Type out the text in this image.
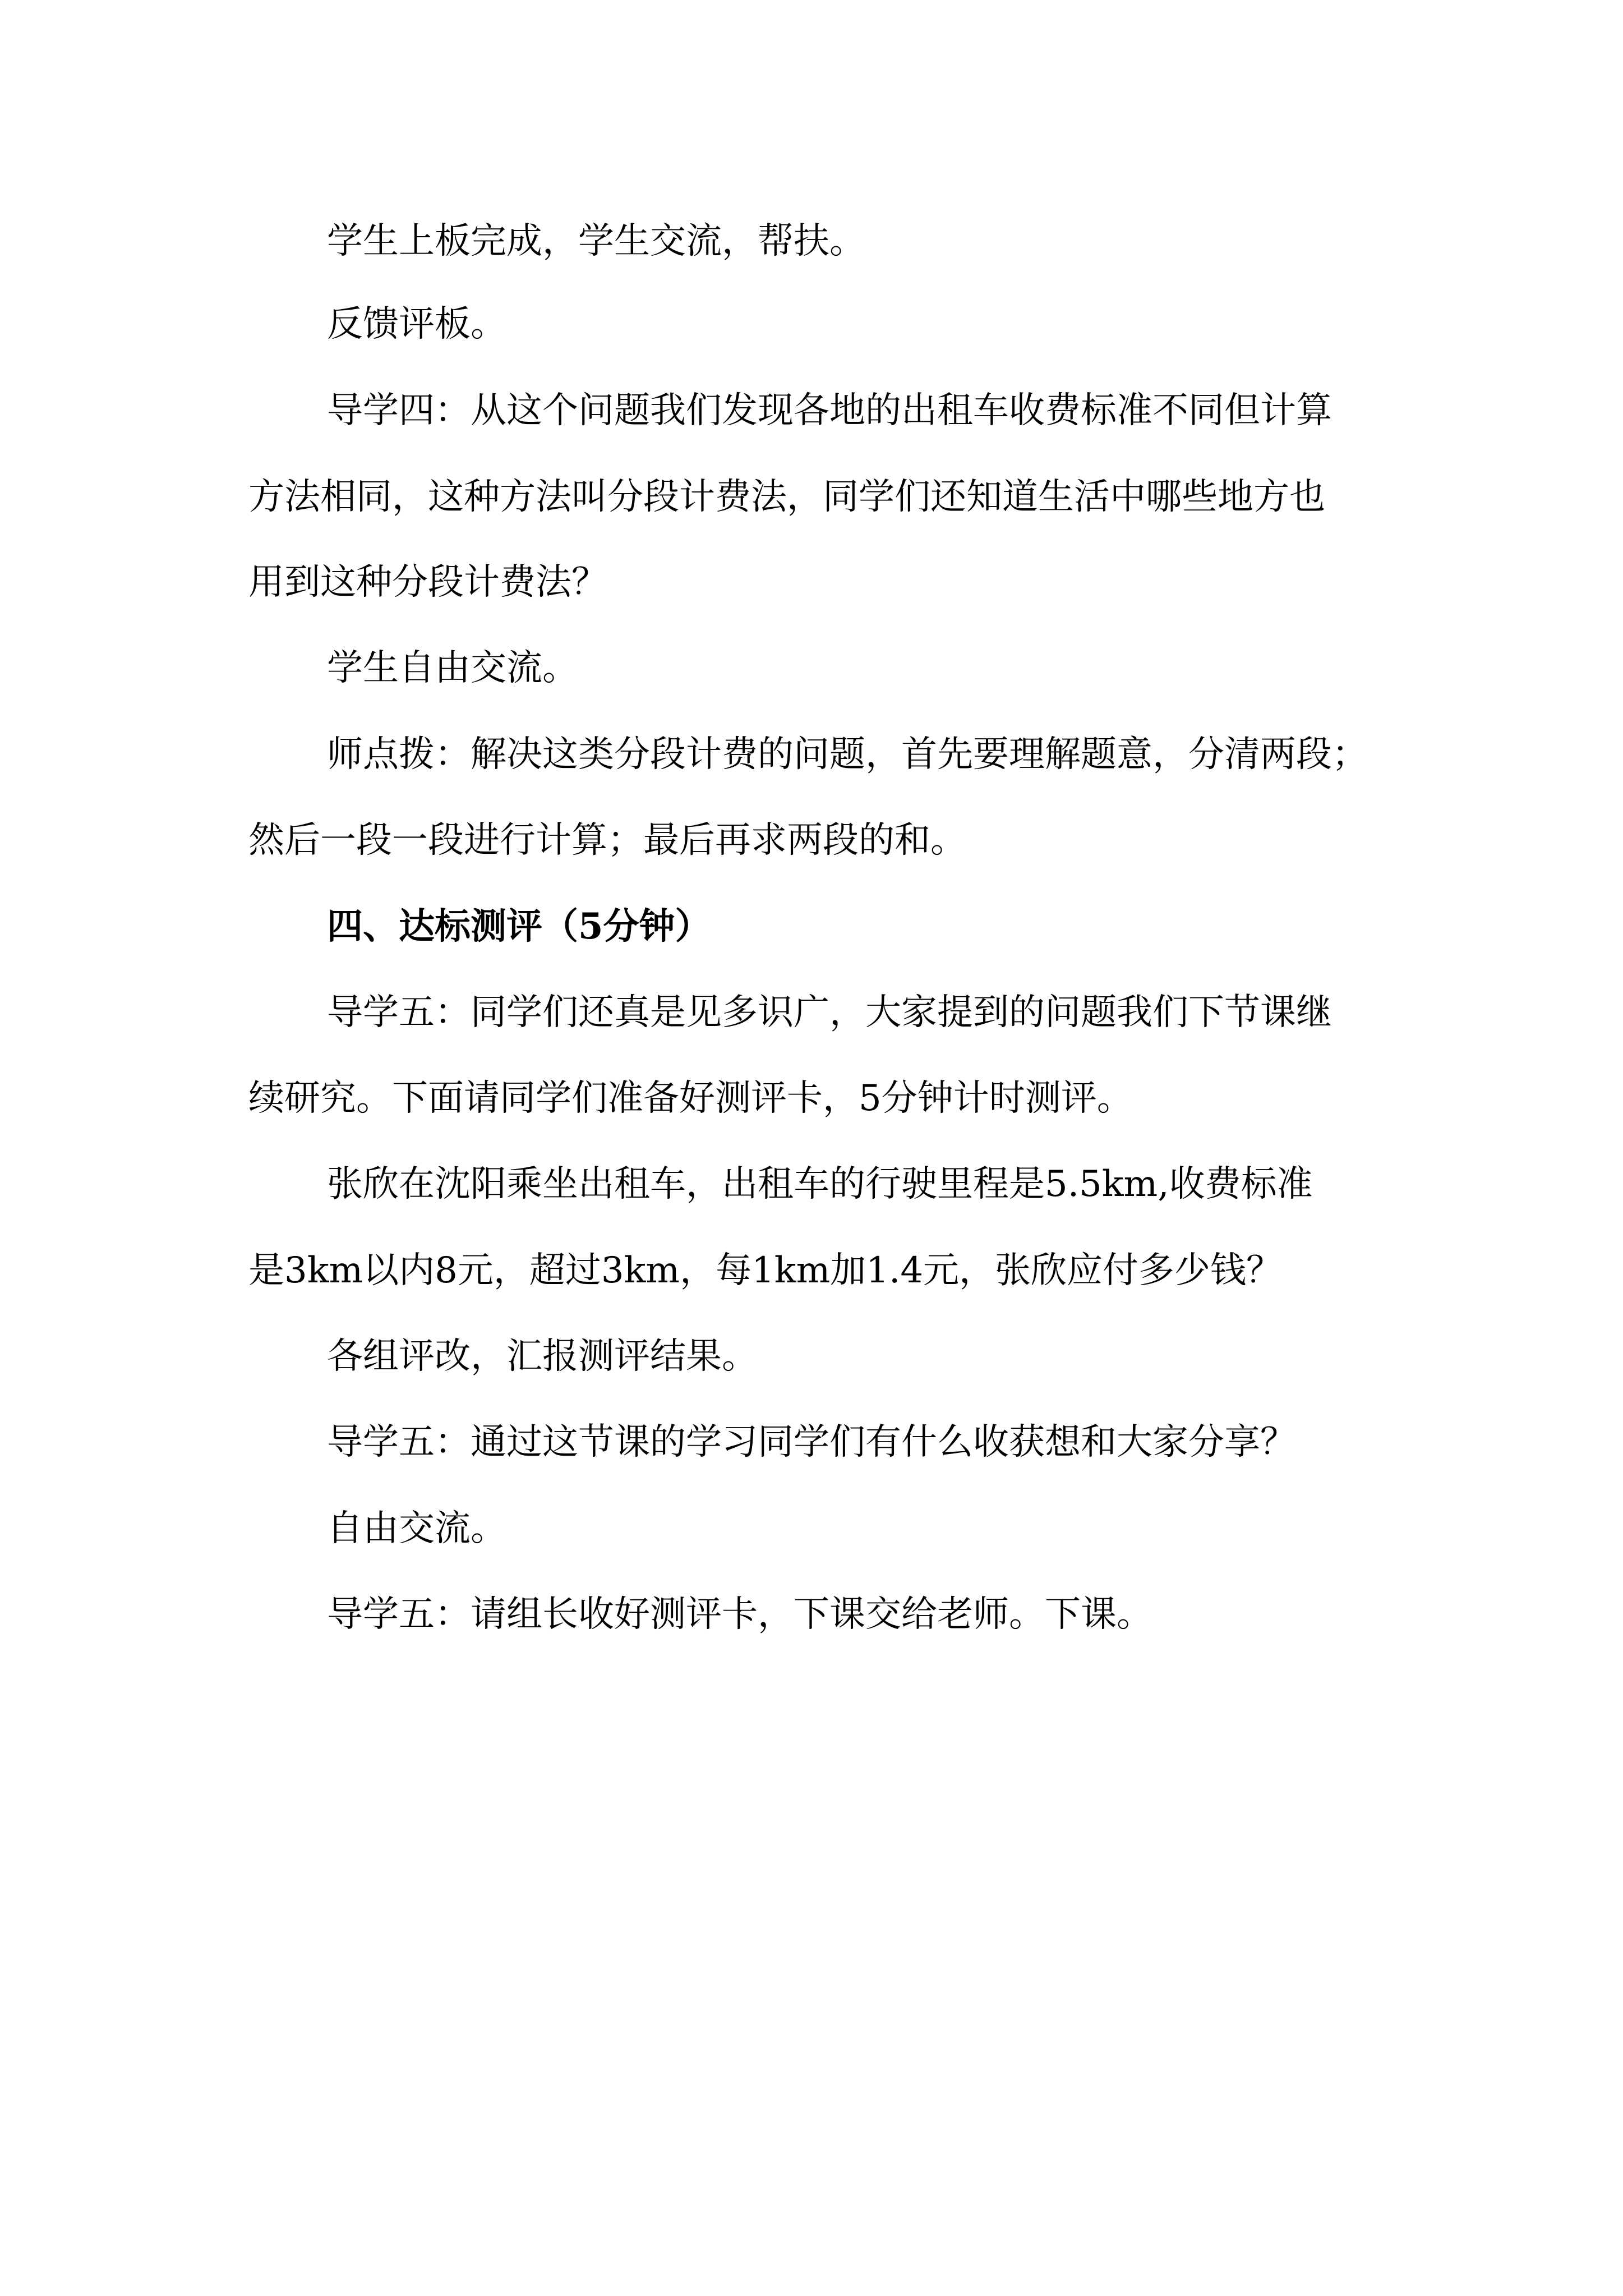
学生上板完成，学生交流，帮扶。

反馈评板。

导学四：从这个问题我们发现各地的出租车收费标准不同但计算

方法相同，这种方法叫分段计费法，同学们还知道生活中哪些地方也

用到这种分段计费法？

学生自由交流。

师点拨：解决这类分段计费的问题，首先要理解题意，分清两段；

然后一段一段进行计算；最后再求两段的和。

四、达标测评（5分钟）

导学五：同学们还真是见多识广，大家提到的问题我们下节课继

续研究。下面请同学们准备好测评卡，5分钟计时测评。

张欣在沈阳乘坐出租车，出租车的行驶里程是5.5km,收费标准

是3km以内8元，超过3km，每1km加1.4元，张欣应付多少钱？

各组评改，汇报测评结果。

导学五：通过这节课的学习同学们有什么收获想和大家分享？

自由交流。

导学五：请组长收好测评卡，下课交给老师。下课。
